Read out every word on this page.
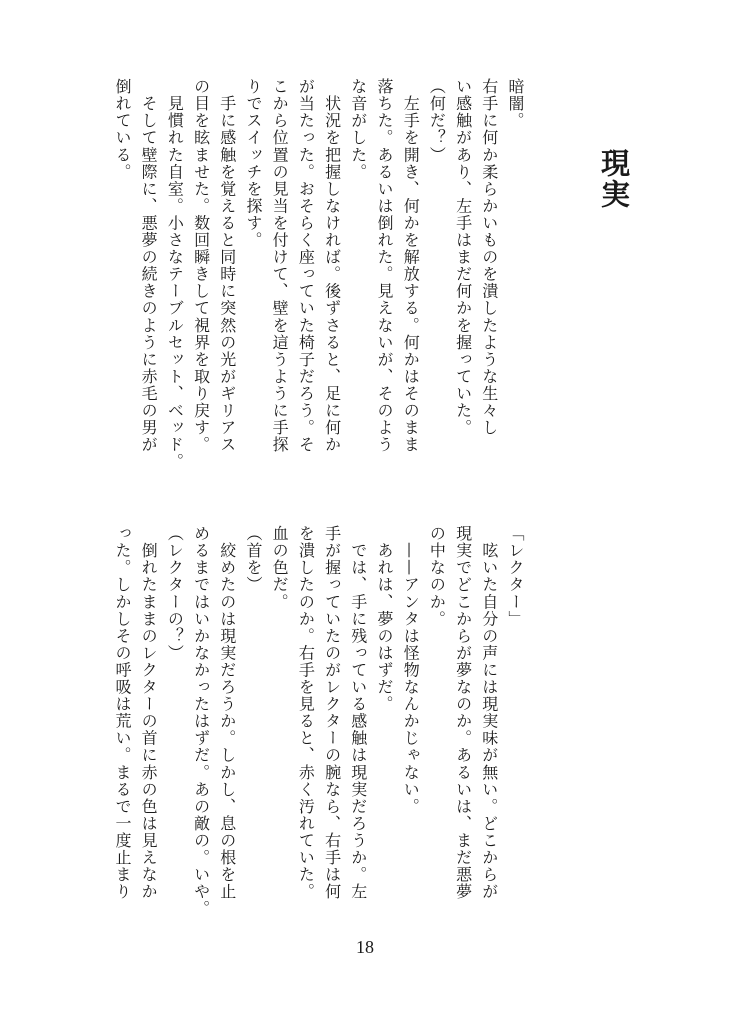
現実
暗闇。
右手に何か柔らかいものを潰したような生々し
い感触があり、左手はまだ何かを握っていた。
（何だ？）
　左手を開き、何かを解放する。何かはそのまま
落ちた。あるいは倒れた。見えないが、そのよう
な音がした。
　状況を把握しなければ。後ずさると、足に何か
が当たった。おそらく座っていた椅子だろう。そ
こから位置の見当を付けて、壁を這うように手探
りでスイッチを探す。
　手に感触を覚えると同時に突然の光がギリアス
の目を眩ませた。数回瞬きして視界を取り戻す。
　見慣れた自室。小さなテーブルセット、ベッド。
　そして壁際に、悪夢の続きのように赤毛の男が
倒れている。
「レクター」
　呟いた自分の声には現実味が無い。どこからが
現実でどこからが夢なのか。あるいは、まだ悪夢
の中なのか。
　——アンタは怪物なんかじゃない。
　あれは、夢のはずだ。
　では、手に残っている感触は現実だろうか。左
手が握っていたのがレクターの腕なら、右手は何
を潰したのか。右手を見ると、赤く汚れていた。
血の色だ。
（首を）
　絞めたのは現実だろうか。しかし、息の根を止
めるまではいかなかったはずだ。あの敵の。いや。
（レクターの？）
　倒れたままのレクターの首に赤の色は見えなか
った。しかしその呼吸は荒い。まるで一度止まり
18
